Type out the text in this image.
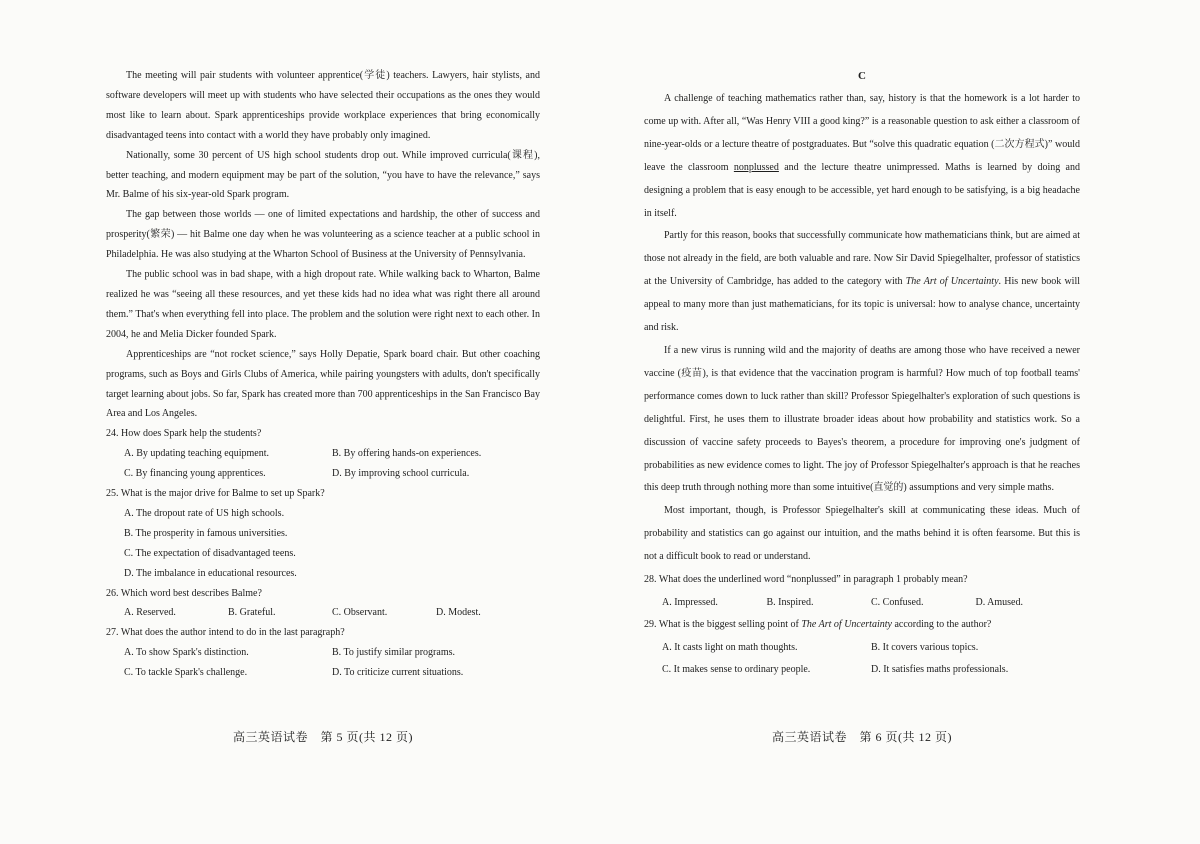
The meeting will pair students with volunteer apprentice(学徒) teachers. Lawyers, hair stylists, and software developers will meet up with students who have selected their occupations as the ones they would most like to learn about. Spark apprenticeships provide workplace experiences that bring economically disadvantaged teens into contact with a world they have probably only imagined.

Nationally, some 30 percent of US high school students drop out. While improved curricula(课程), better teaching, and modern equipment may be part of the solution, “you have to have the relevance,” says Mr. Balme of his six-year-old Spark program.

The gap between those worlds — one of limited expectations and hardship, the other of success and prosperity(繁荣) — hit Balme one day when he was volunteering as a science teacher at a public school in Philadelphia. He was also studying at the Wharton School of Business at the University of Pennsylvania.

The public school was in bad shape, with a high dropout rate. While walking back to Wharton, Balme realized he was “seeing all these resources, and yet these kids had no idea what was right there all around them.” That's when everything fell into place. The problem and the solution were right next to each other. In 2004, he and Melia Dicker founded Spark.

Apprenticeships are “not rocket science,” says Holly Depatie, Spark board chair. But other coaching programs, such as Boys and Girls Clubs of America, while pairing youngsters with adults, don't specifically target learning about jobs. So far, Spark has created more than 700 apprenticeships in the San Francisco Bay Area and Los Angeles.

24. How does Spark help the students?

A. By updating teaching equipment.	B. By offering hands-on experiences.
C. By financing young apprentices.	D. By improving school curricula.

25. What is the major drive for Balme to set up Spark?

A. The dropout rate of US high schools.
B. The prosperity in famous universities.
C. The expectation of disadvantaged teens.
D. The imbalance in educational resources.

26. Which word best describes Balme?

A. Reserved.	B. Grateful.	C. Observant.	D. Modest.

27. What does the author intend to do in the last paragraph?

A. To show Spark's distinction.	B. To justify similar programs.
C. To tackle Spark's challenge.	D. To criticize current situations.
高三英语试卷　第 5 页(共 12 页)
C

A challenge of teaching mathematics rather than, say, history is that the homework is a lot harder to come up with. After all, “Was Henry VIII a good king?” is a reasonable question to ask either a classroom of nine-year-olds or a lecture theatre of postgraduates. But “solve this quadratic equation (二次方程式)” would leave the classroom nonplussed and the lecture theatre unimpressed. Maths is learned by doing and designing a problem that is easy enough to be accessible, yet hard enough to be satisfying, is a big headache in itself.

Partly for this reason, books that successfully communicate how mathematicians think, but are aimed at those not already in the field, are both valuable and rare. Now Sir David Spiegelhalter, professor of statistics at the University of Cambridge, has added to the category with The Art of Uncertainty. His new book will appeal to many more than just mathematicians, for its topic is universal: how to analyse chance, uncertainty and risk.

If a new virus is running wild and the majority of deaths are among those who have received a newer vaccine (疫苗), is that evidence that the vaccination program is harmful? How much of top football teams' performance comes down to luck rather than skill? Professor Spiegelhalter's exploration of such questions is delightful. First, he uses them to illustrate broader ideas about how probability and statistics work. So a discussion of vaccine safety proceeds to Bayes's theorem, a procedure for improving one's judgment of probabilities as new evidence comes to light. The joy of Professor Spiegelhalter's approach is that he reaches this deep truth through nothing more than some intuitive(直觉的) assumptions and very simple maths.

Most important, though, is Professor Spiegelhalter's skill at communicating these ideas. Much of probability and statistics can go against our intuition, and the maths behind it is often fearsome. But this is not a difficult book to read or understand.

28. What does the underlined word “nonplussed” in paragraph 1 probably mean?

A. Impressed.	B. Inspired.	C. Confused.	D. Amused.

29. What is the biggest selling point of The Art of Uncertainty according to the author?

A. It casts light on math thoughts.	B. It covers various topics.
C. It makes sense to ordinary people.	D. It satisfies maths professionals.
高三英语试卷　第 6 页(共 12 页)
